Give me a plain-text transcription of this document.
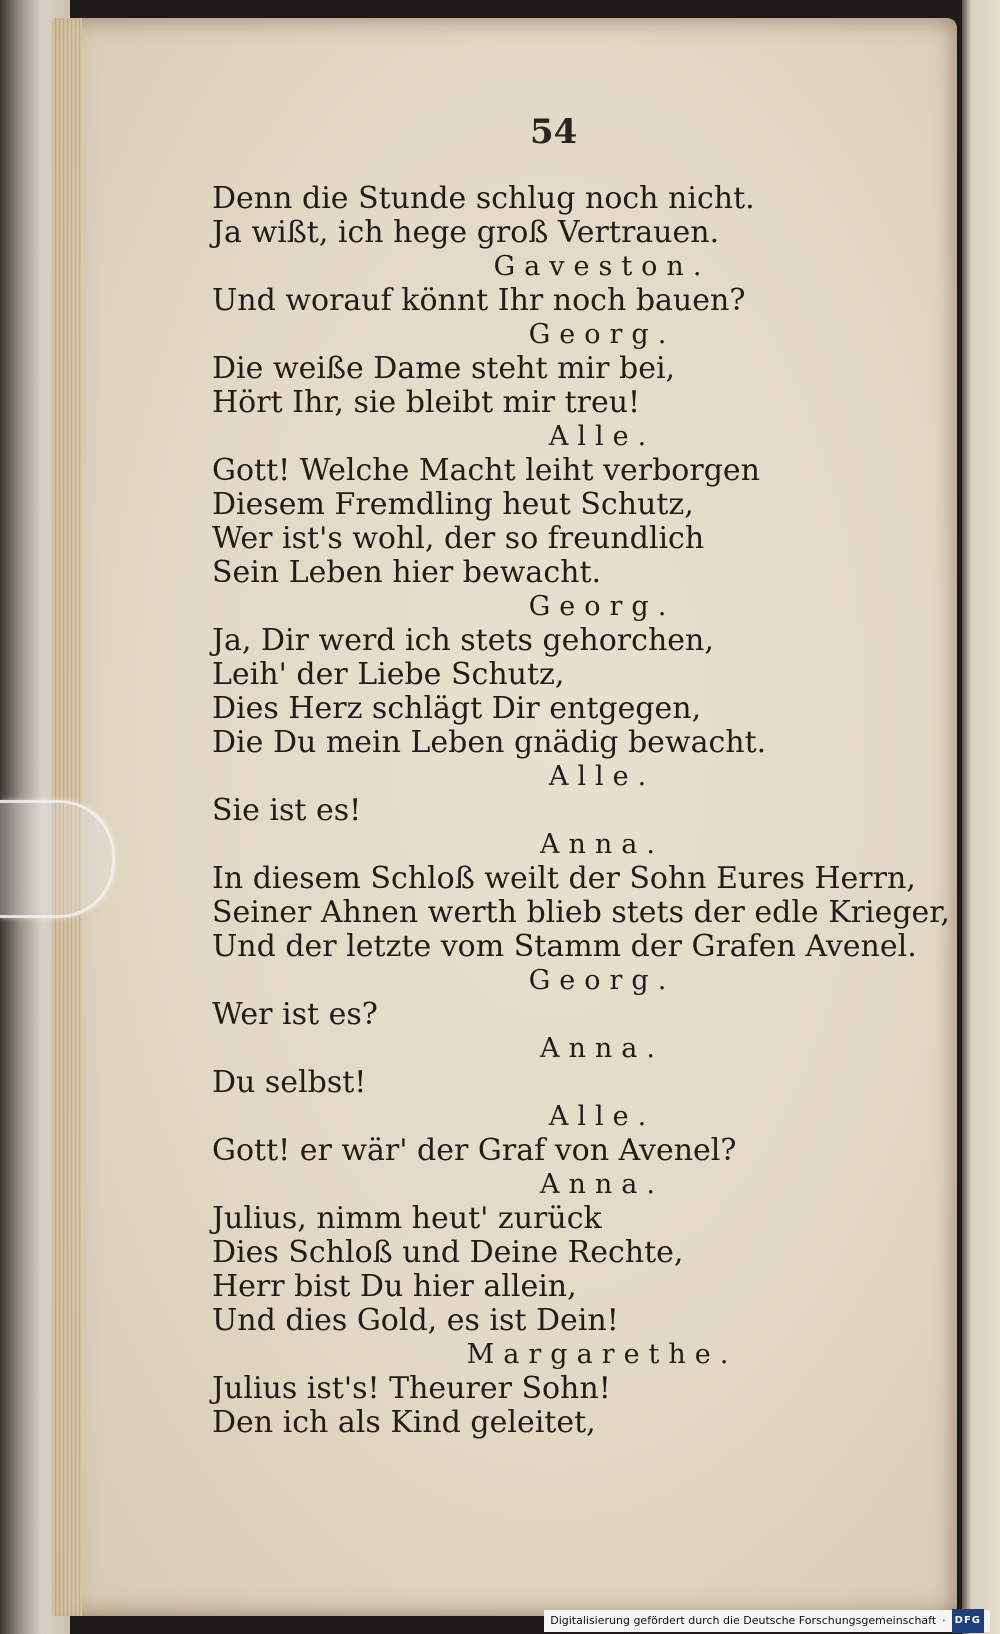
54
Denn die Stunde schlug noch nicht.
Ja wißt, ich hege groß Vertrauen.
Gaveston.
Und worauf könnt Ihr noch bauen?
Georg.
Die weiße Dame steht mir bei,
Hört Ihr, sie bleibt mir treu!
Alle.
Gott! Welche Macht leiht verborgen
Diesem Fremdling heut Schutz,
Wer ist's wohl, der so freundlich
Sein Leben hier bewacht.
Georg.
Ja, Dir werd ich stets gehorchen,
Leih' der Liebe Schutz,
Dies Herz schlägt Dir entgegen,
Die Du mein Leben gnädig bewacht.
Alle.
Sie ist es!
Anna.
In diesem Schloß weilt der Sohn Eures Herrn,
Seiner Ahnen werth blieb stets der edle Krieger,
Und der letzte vom Stamm der Grafen Avenel.
Georg.
Wer ist es?
Anna.
Du selbst!
Alle.
Gott! er wär' der Graf von Avenel?
Anna.
Julius, nimm heut' zurück
Dies Schloß und Deine Rechte,
Herr bist Du hier allein,
Und dies Gold, es ist Dein!
Margarethe.
Julius ist's! Theurer Sohn!
Den ich als Kind geleitet,
Digitalisierung gefördert durch die Deutsche Forschungsgemeinschaft · DFG
